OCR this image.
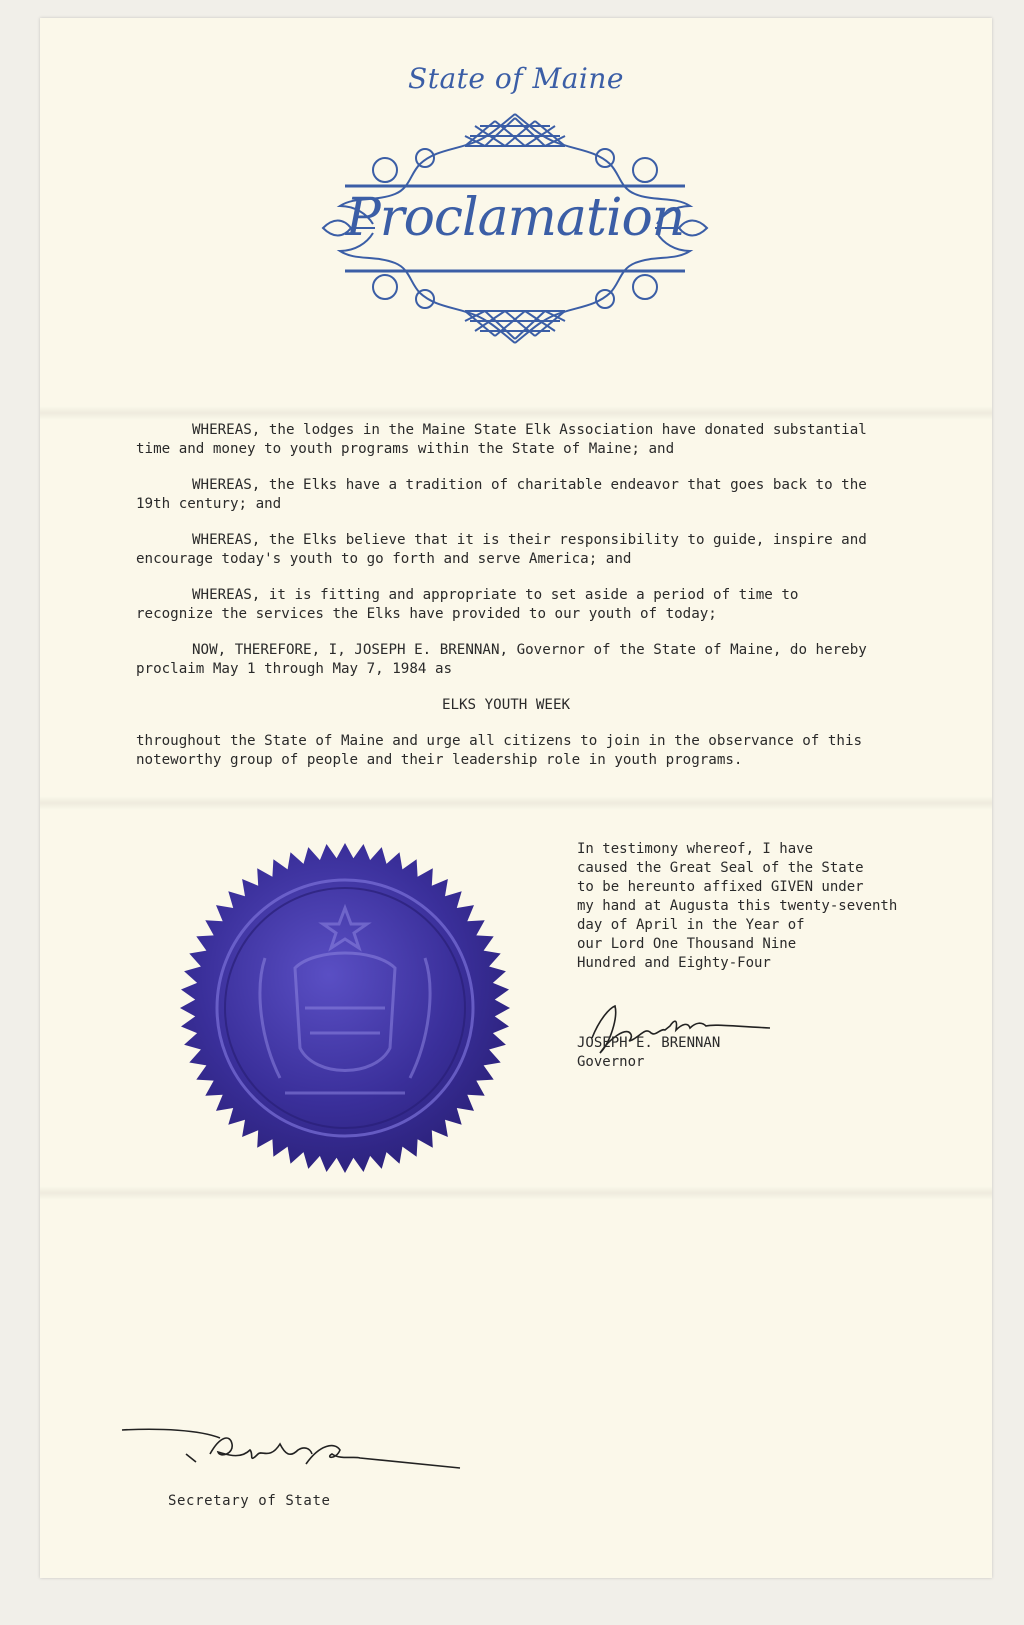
State of Maine
Proclamation

WHEREAS, the lodges in the Maine State Elk Association have donated substantial time and money to youth programs within the State of Maine; and

WHEREAS, the Elks have a tradition of charitable endeavor that goes back to the 19th century; and

WHEREAS, the Elks believe that it is their responsibility to guide, inspire and encourage today's youth to go forth and serve America; and

WHEREAS, it is fitting and appropriate to set aside a period of time to recognize the services the Elks have provided to our youth of today;

NOW, THEREFORE, I, JOSEPH E. BRENNAN, Governor of the State of Maine, do hereby proclaim May 1 through May 7, 1984 as

ELKS YOUTH WEEK

throughout the State of Maine and urge all citizens to join in the observance of this noteworthy group of people and their leadership role in youth programs.

In testimony whereof, I have
caused the Great Seal of the State
to be hereunto affixed GIVEN under
my hand at Augusta this twenty-seventh
day of April in the Year of
our Lord One Thousand Nine
Hundred and Eighty-Four
JOSEPH E. BRENNAN
Governor
Secretary of State
